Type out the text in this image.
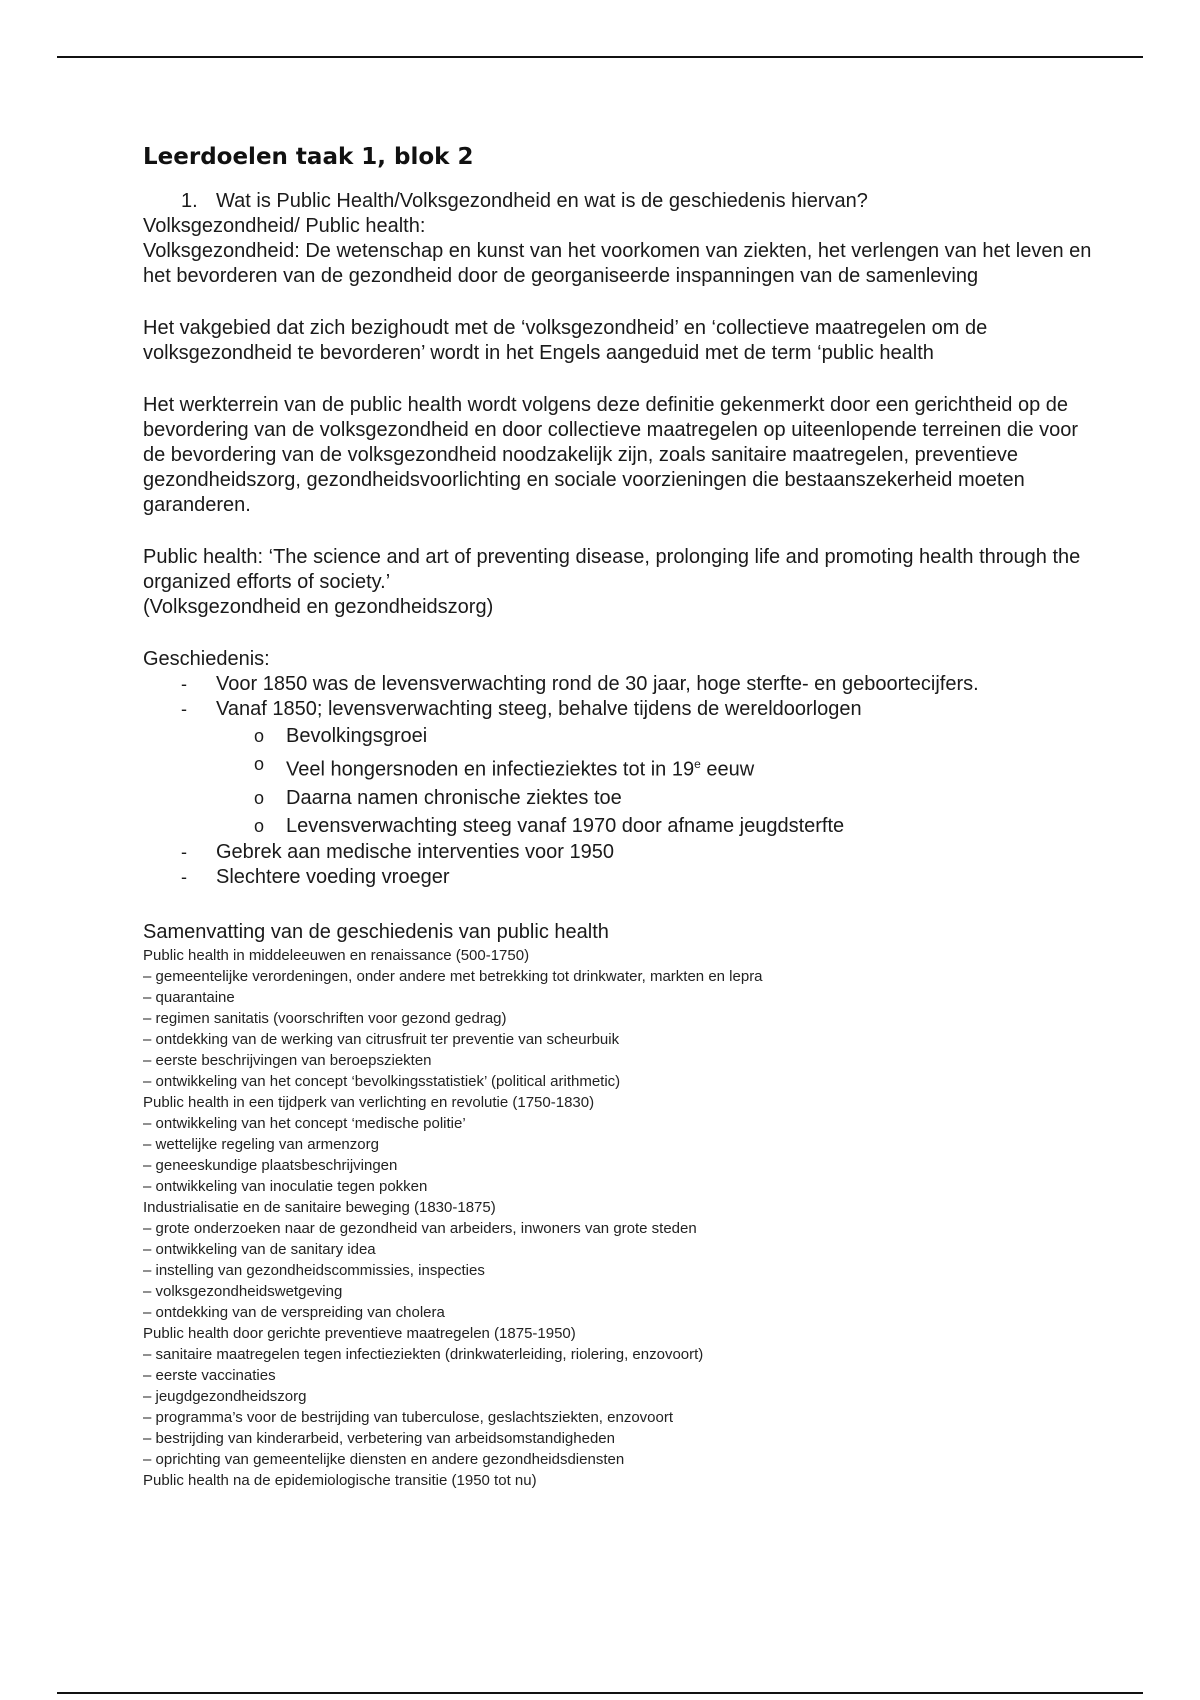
Leerdoelen taak 1, blok 2
1. Wat is Public Health/Volksgezondheid en wat is de geschiedenis hiervan?

Volksgezondheid/ Public health:

Volksgezondheid: De wetenschap en kunst van het voorkomen van ziekten, het verlengen van het leven en het bevorderen van de gezondheid door de georganiseerde inspanningen van de samenleving

Het vakgebied dat zich bezighoudt met de ‘volksgezondheid’ en ‘collectieve maatregelen om de volksgezondheid te bevorderen’ wordt in het Engels aangeduid met de term ‘public health

Het werkterrein van de public health wordt volgens deze definitie gekenmerkt door een gerichtheid op de bevordering van de volksgezondheid en door collectieve maatregelen op uiteenlopende terreinen die voor de bevordering van de volksgezondheid noodzakelijk zijn, zoals sanitaire maatregelen, preventieve gezondheidszorg, gezondheidsvoorlichting en sociale voorzieningen die bestaanszekerheid moeten garanderen.

Public health: ‘The science and art of preventing disease, prolonging life and promoting health through the organized efforts of society.’

(Volksgezondheid en gezondheidszorg)

Geschiedenis:

- Voor 1850 was de levensverwachting rond de 30 jaar, hoge sterfte- en geboortecijfers.
- Vanaf 1850; levensverwachting steeg, behalve tijdens de wereldoorlogen
o	Bevolkingsgroei
o	Veel hongersnoden en infectieziektes tot in 19e eeuw
o	Daarna namen chronische ziektes toe
o	Levensverwachting steeg vanaf 1970 door afname jeugdsterfte
- Gebrek aan medische interventies voor 1950
- Slechtere voeding vroeger
Samenvatting van de geschiedenis van public health
Public health in middeleeuwen en renaissance (500-1750)
– gemeentelijke verordeningen, onder andere met betrekking tot drinkwater, markten en lepra
– quarantaine
– regimen sanitatis (voorschriften voor gezond gedrag)
– ontdekking van de werking van citrusfruit ter preventie van scheurbuik
– eerste beschrijvingen van beroepsziekten
– ontwikkeling van het concept ‘bevolkingsstatistiek’ (political arithmetic)
Public health in een tijdperk van verlichting en revolutie (1750-1830)
– ontwikkeling van het concept ‘medische politie’
– wettelijke regeling van armenzorg
– geneeskundige plaatsbeschrijvingen
– ontwikkeling van inoculatie tegen pokken
Industrialisatie en de sanitaire beweging (1830-1875)
– grote onderzoeken naar de gezondheid van arbeiders, inwoners van grote steden
– ontwikkeling van de sanitary idea
– instelling van gezondheidscommissies, inspecties
– volksgezondheidswetgeving
– ontdekking van de verspreiding van cholera
Public health door gerichte preventieve maatregelen (1875-1950)
– sanitaire maatregelen tegen infectieziekten (drinkwaterleiding, riolering, enzovoort)
– eerste vaccinaties
– jeugdgezondheidszorg
– programma’s voor de bestrijding van tuberculose, geslachtsziekten, enzovoort
– bestrijding van kinderarbeid, verbetering van arbeidsomstandigheden
– oprichting van gemeentelijke diensten en andere gezondheidsdiensten
Public health na de epidemiologische transitie (1950 tot nu)
